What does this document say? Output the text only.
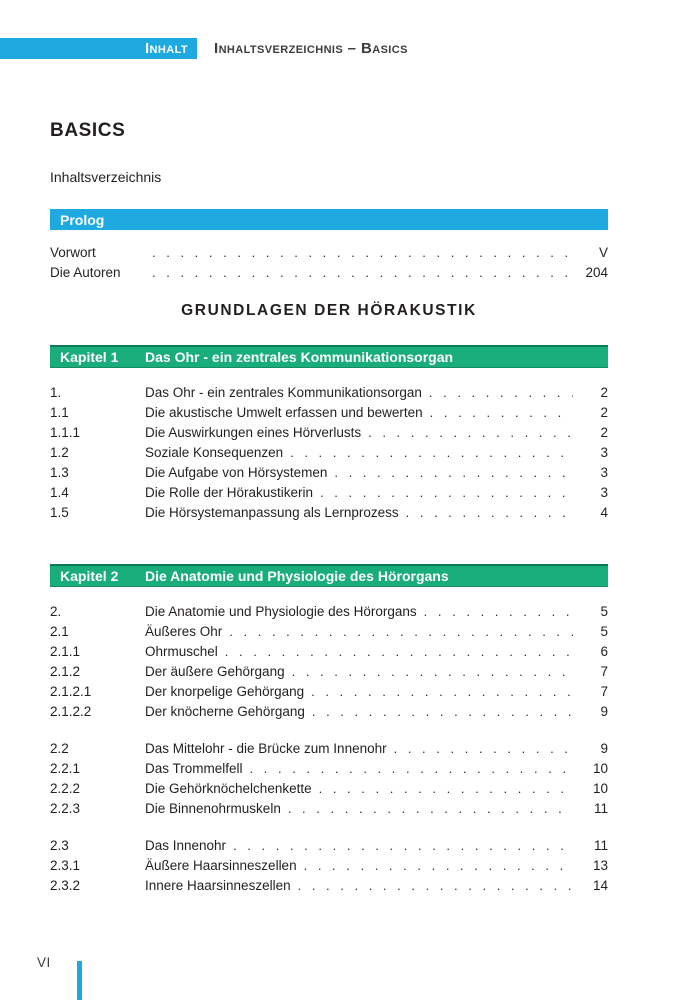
Inhalt Inhaltsverzeichnis – Basics
BASICS
Inhaltsverzeichnis
Prolog
Vorwort . . .	V
Die Autoren . . .	204
GRUNDLAGEN DER HÖRAKUSTIK
Kapitel 1	Das Ohr - ein zentrales Kommunikationsorgan
1.	Das Ohr - ein zentrales Kommunikationsorgan . . .	2
1.1	Die akustische Umwelt erfassen und bewerten . . .	2
1.1.1	Die Auswirkungen eines Hörverlusts . . .	2
1.2	Soziale Konsequenzen . . .	3
1.3	Die Aufgabe von Hörsystemen . . .	3
1.4	Die Rolle der Hörakustikerin . . .	3
1.5	Die Hörsystemanpassung als Lernprozess . . .	4
Kapitel 2	Die Anatomie und Physiologie des Hörorgans
2.	Die Anatomie und Physiologie des Hörorgans . . .	5
2.1	Äußeres Ohr . . .	5
2.1.1	Ohrmuschel . . .	6
2.1.2	Der äußere Gehörgang . . .	7
2.1.2.1	Der knorpelige Gehörgang . . .	7
2.1.2.2	Der knöcherne Gehörgang . . .	9
2.2	Das Mittelohr - die Brücke zum Innenohr . . .	9
2.2.1	Das Trommelfell . . .	10
2.2.2	Die Gehörknöchelchenkette . . .	10
2.2.3	Die Binnenohrmuskeln . . .	11
2.3	Das Innenohr . . .	11
2.3.1	Äußere Haarsinneszellen . . .	13
2.3.2	Innere Haarsinneszellen . . .	14
VI
